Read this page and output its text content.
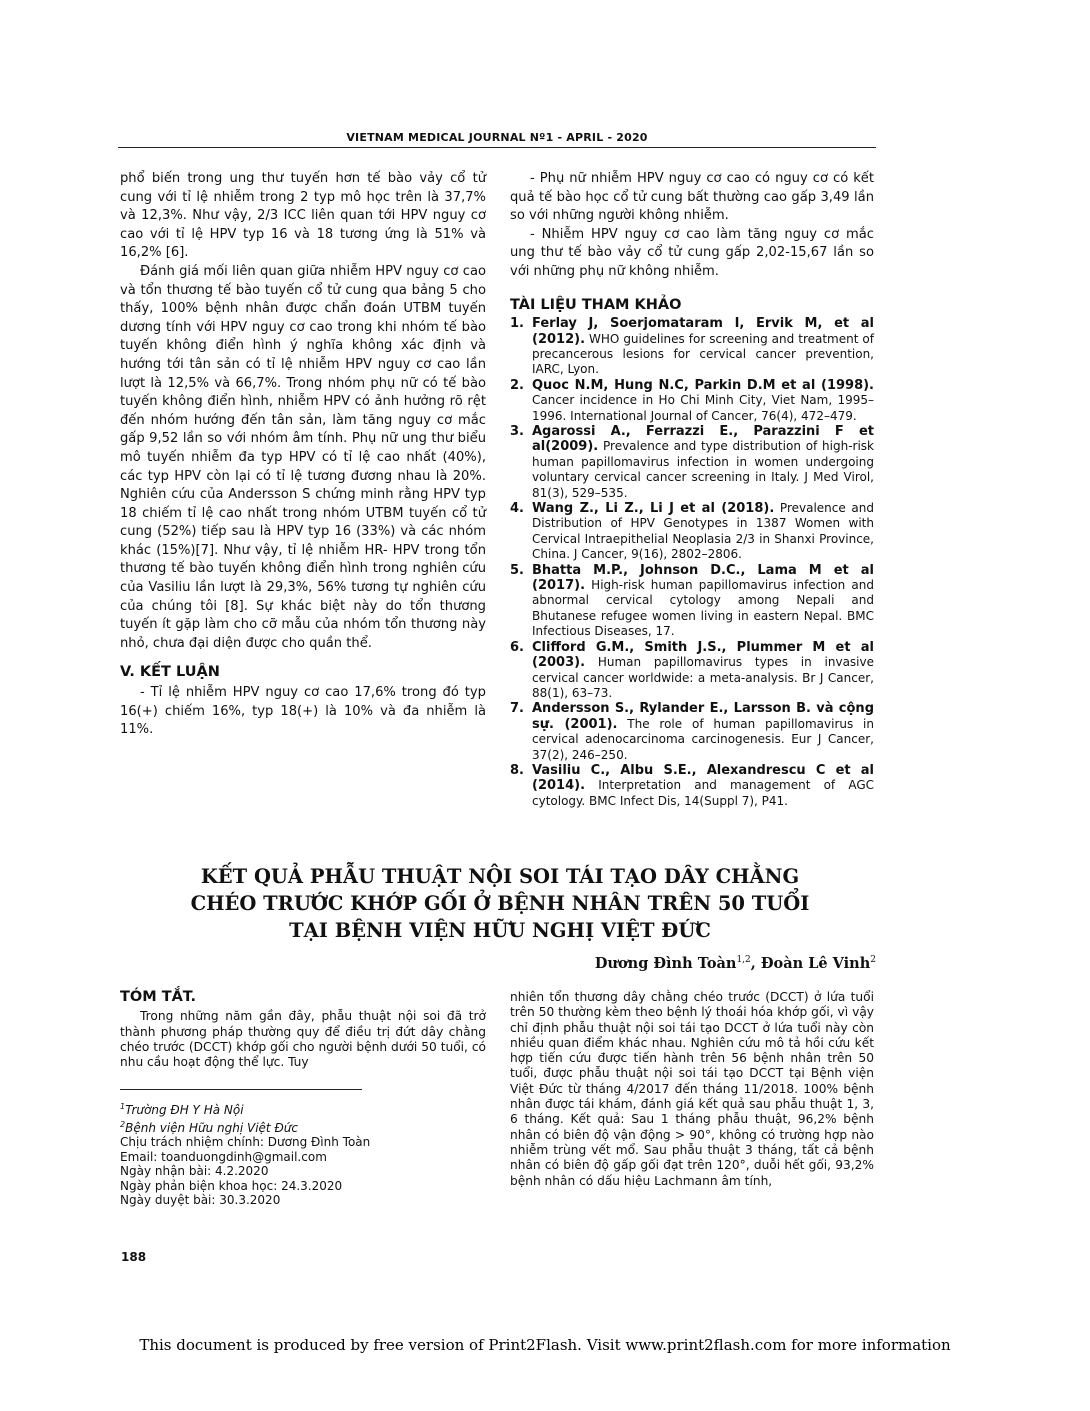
VIETNAM MEDICAL JOURNAL Nº1 - APRIL - 2020

phổ biến trong ung thư tuyến hơn tế bào vảy cổ tử cung với tỉ lệ nhiễm trong 2 typ mô học trên là 37,7% và 12,3%. Như vậy, 2/3 ICC liên quan tới HPV nguy cơ cao với tỉ lệ HPV typ 16 và 18 tương ứng là 51% và 16,2% [6].

Đánh giá mối liên quan giữa nhiễm HPV nguy cơ cao và tổn thương tế bào tuyến cổ tử cung qua bảng 5 cho thấy, 100% bệnh nhân được chẩn đoán UTBM tuyến dương tính với HPV nguy cơ cao trong khi nhóm tế bào tuyến không điển hình ý nghĩa không xác định và hướng tới tân sản có tỉ lệ nhiễm HPV nguy cơ cao lần lượt là 12,5% và 66,7%. Trong nhóm phụ nữ có tế bào tuyến không điển hình, nhiễm HPV có ảnh hưởng rõ rệt đến nhóm hướng đến tân sản, làm tăng nguy cơ mắc gấp 9,52 lần so với nhóm âm tính. Phụ nữ ung thư biểu mô tuyến nhiễm đa typ HPV có tỉ lệ cao nhất (40%), các typ HPV còn lại có tỉ lệ tương đương nhau là 20%. Nghiên cứu của Andersson S chứng minh rằng HPV typ 18 chiếm tỉ lệ cao nhất trong nhóm UTBM tuyến cổ tử cung (52%) tiếp sau là HPV typ 16 (33%) và các nhóm khác (15%)[7]. Như vậy, tỉ lệ nhiễm HR- HPV trong tổn thương tế bào tuyến không điển hình trong nghiên cứu của Vasiliu lần lượt là 29,3%, 56% tương tự nghiên cứu của chúng tôi [8]. Sự khác biệt này do tổn thương tuyến ít gặp làm cho cỡ mẫu của nhóm tổn thương này nhỏ, chưa đại diện được cho quần thể.

V. KẾT LUẬN

- Tỉ lệ nhiễm HPV nguy cơ cao 17,6% trong đó typ 16(+) chiếm 16%, typ 18(+) là 10% và đa nhiễm là 11%.

- Phụ nữ nhiễm HPV nguy cơ cao có nguy cơ có kết quả tế bào học cổ tử cung bất thường cao gấp 3,49 lần so với những người không nhiễm.

- Nhiễm HPV nguy cơ cao làm tăng nguy cơ mắc ung thư tế bào vảy cổ tử cung gấp 2,02-15,67 lần so với những phụ nữ không nhiễm.

TÀI LIỆU THAM KHẢO

1. Ferlay J, Soerjomataram I, Ervik M, et al (2012). WHO guidelines for screening and treatment of precancerous lesions for cervical cancer prevention, IARC, Lyon.
2. Quoc N.M, Hung N.C, Parkin D.M et al (1998). Cancer incidence in Ho Chi Minh City, Viet Nam, 1995–1996. International Journal of Cancer, 76(4), 472–479.
3. Agarossi A., Ferrazzi E., Parazzini F et al(2009). Prevalence and type distribution of high-risk human papillomavirus infection in women undergoing voluntary cervical cancer screening in Italy. J Med Virol, 81(3), 529–535.
4. Wang Z., Li Z., Li J et al (2018). Prevalence and Distribution of HPV Genotypes in 1387 Women with Cervical Intraepithelial Neoplasia 2/3 in Shanxi Province, China. J Cancer, 9(16), 2802–2806.
5. Bhatta M.P., Johnson D.C., Lama M et al (2017). High-risk human papillomavirus infection and abnormal cervical cytology among Nepali and Bhutanese refugee women living in eastern Nepal. BMC Infectious Diseases, 17.
6. Clifford G.M., Smith J.S., Plummer M et al (2003). Human papillomavirus types in invasive cervical cancer worldwide: a meta-analysis. Br J Cancer, 88(1), 63–73.
7. Andersson S., Rylander E., Larsson B. và cộng sự. (2001). The role of human papillomavirus in cervical adenocarcinoma carcinogenesis. Eur J Cancer, 37(2), 246–250.
8. Vasiliu C., Albu S.E., Alexandrescu C et al (2014). Interpretation and management of AGC cytology. BMC Infect Dis, 14(Suppl 7), P41.
KẾT QUẢ PHẪU THUẬT NỘI SOI TÁI TẠO DÂY CHẰNG
CHÉO TRƯỚC KHỚP GỐI Ở BỆNH NHÂN TRÊN 50 TUỔI
TẠI BỆNH VIỆN HỮU NGHỊ VIỆT ĐỨC
Dương Đình Toàn$^{1,2}$, Đoàn Lê Vinh$^2$

TÓM TẮT.

Trong những năm gần đây, phẫu thuật nội soi đã trở thành phương pháp thường quy để điều trị đứt dây chằng chéo trước (DCCT) khớp gối cho người bệnh dưới 50 tuổi, có nhu cầu hoạt động thể lực. Tuy

nhiên tổn thương dây chằng chéo trước (DCCT) ở lứa tuổi trên 50 thường kèm theo bệnh lý thoái hóa khớp gối, vì vậy chỉ định phẫu thuật nội soi tái tạo DCCT ở lứa tuổi này còn nhiều quan điểm khác nhau. Nghiên cứu mô tả hồi cứu kết hợp tiến cứu được tiến hành trên 56 bệnh nhân trên 50 tuổi, được phẫu thuật nội soi tái tạo DCCT tại Bệnh viện Việt Đức từ tháng 4/2017 đến tháng 11/2018. 100% bệnh nhân được tái khám, đánh giá kết quả sau phẫu thuật 1, 3, 6 tháng. Kết quả: Sau 1 tháng phẫu thuật, 96,2% bệnh nhân có biên độ vận động > 90°, không có trường hợp nào nhiễm trùng vết mổ. Sau phẫu thuật 3 tháng, tất cả bệnh nhân có biên độ gấp gối đạt trên 120°, duỗi hết gối, 93,2% bệnh nhân có dấu hiệu Lachmann âm tính,

$^1$Trường ĐH Y Hà Nội
$^2$Bệnh viện Hữu nghị Việt Đức
Chịu trách nhiệm chính: Dương Đình Toàn
Email: toanduongdinh@gmail.com
Ngày nhận bài: 4.2.2020
Ngày phản biện khoa học: 24.3.2020
Ngày duyệt bài: 30.3.2020
188
This document is produced by free version of Print2Flash. Visit www.print2flash.com for more information
